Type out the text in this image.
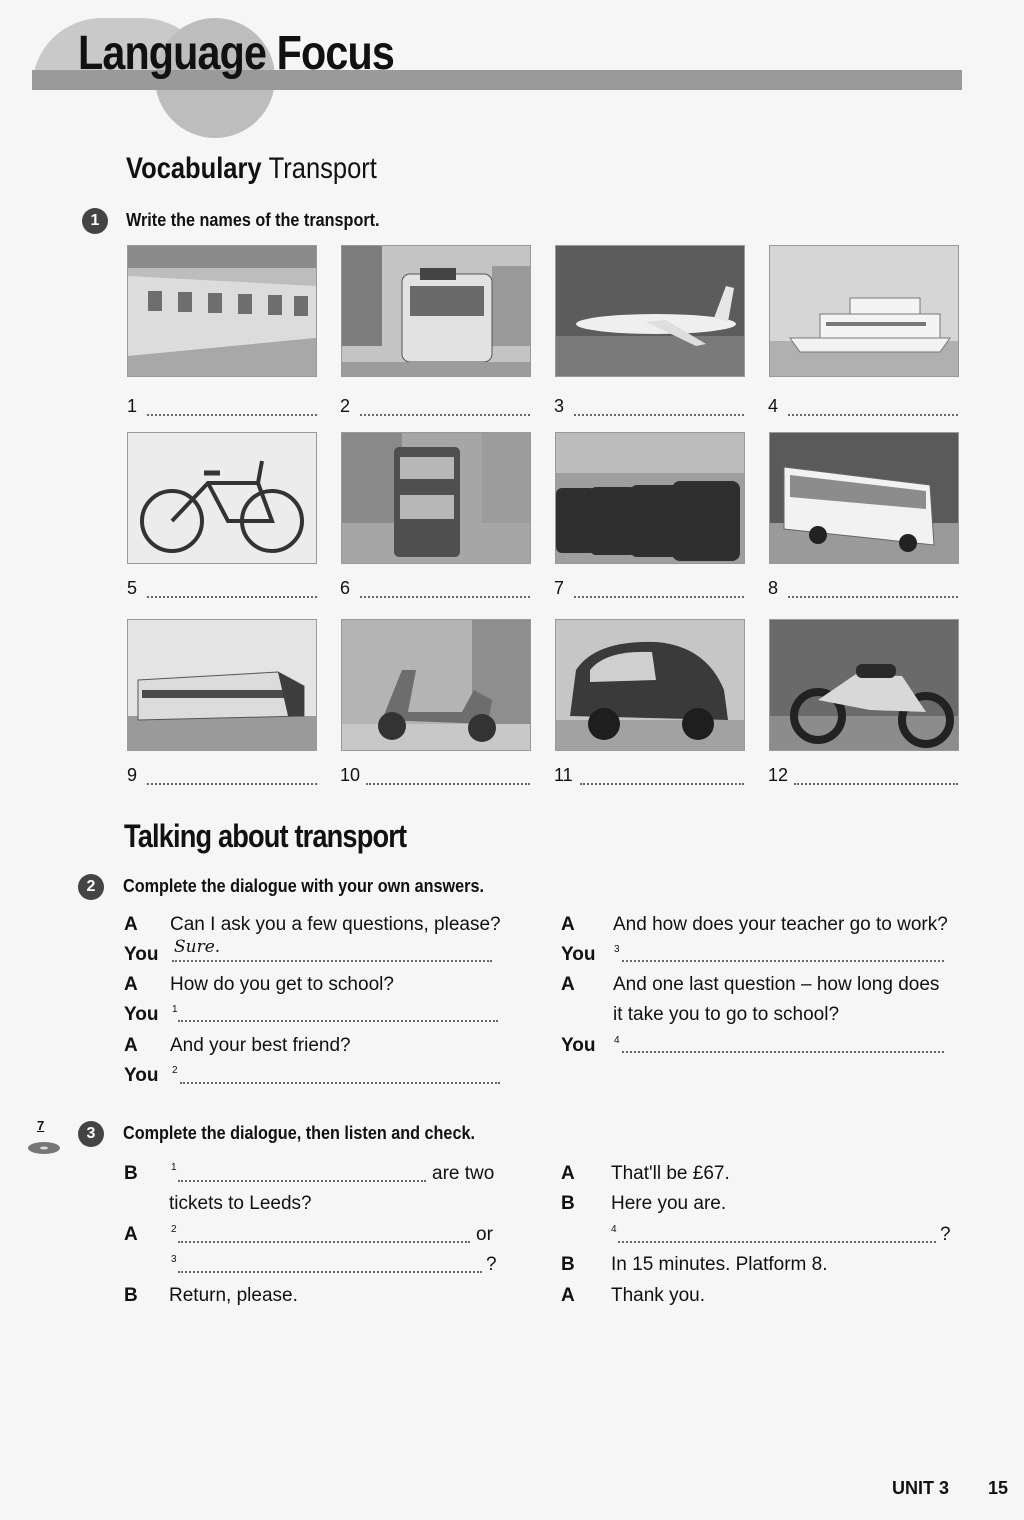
Language Focus
Vocabulary Transport
1	Write the names of the transport.
1	2	3	4
5	6	7	8
9	10	11	12
Talking about transport
2	Complete the dialogue with your own answers.
A Can I ask you a few questions, please?
You Sure.
A How do you get to school?
You 1
A And your best friend?
You 2
A And how does your teacher go to work?
You 3
A And one last question – how long does
it take you to go to school?
You 4
7	3	Complete the dialogue, then listen and check.
B	1	are two
tickets to Leeds?
A	2	or
3	?
B Return, please.
A That'll be £67.
B Here you are.
4	?
B In 15 minutes. Platform 8.
A Thank you.
UNIT 3 15
